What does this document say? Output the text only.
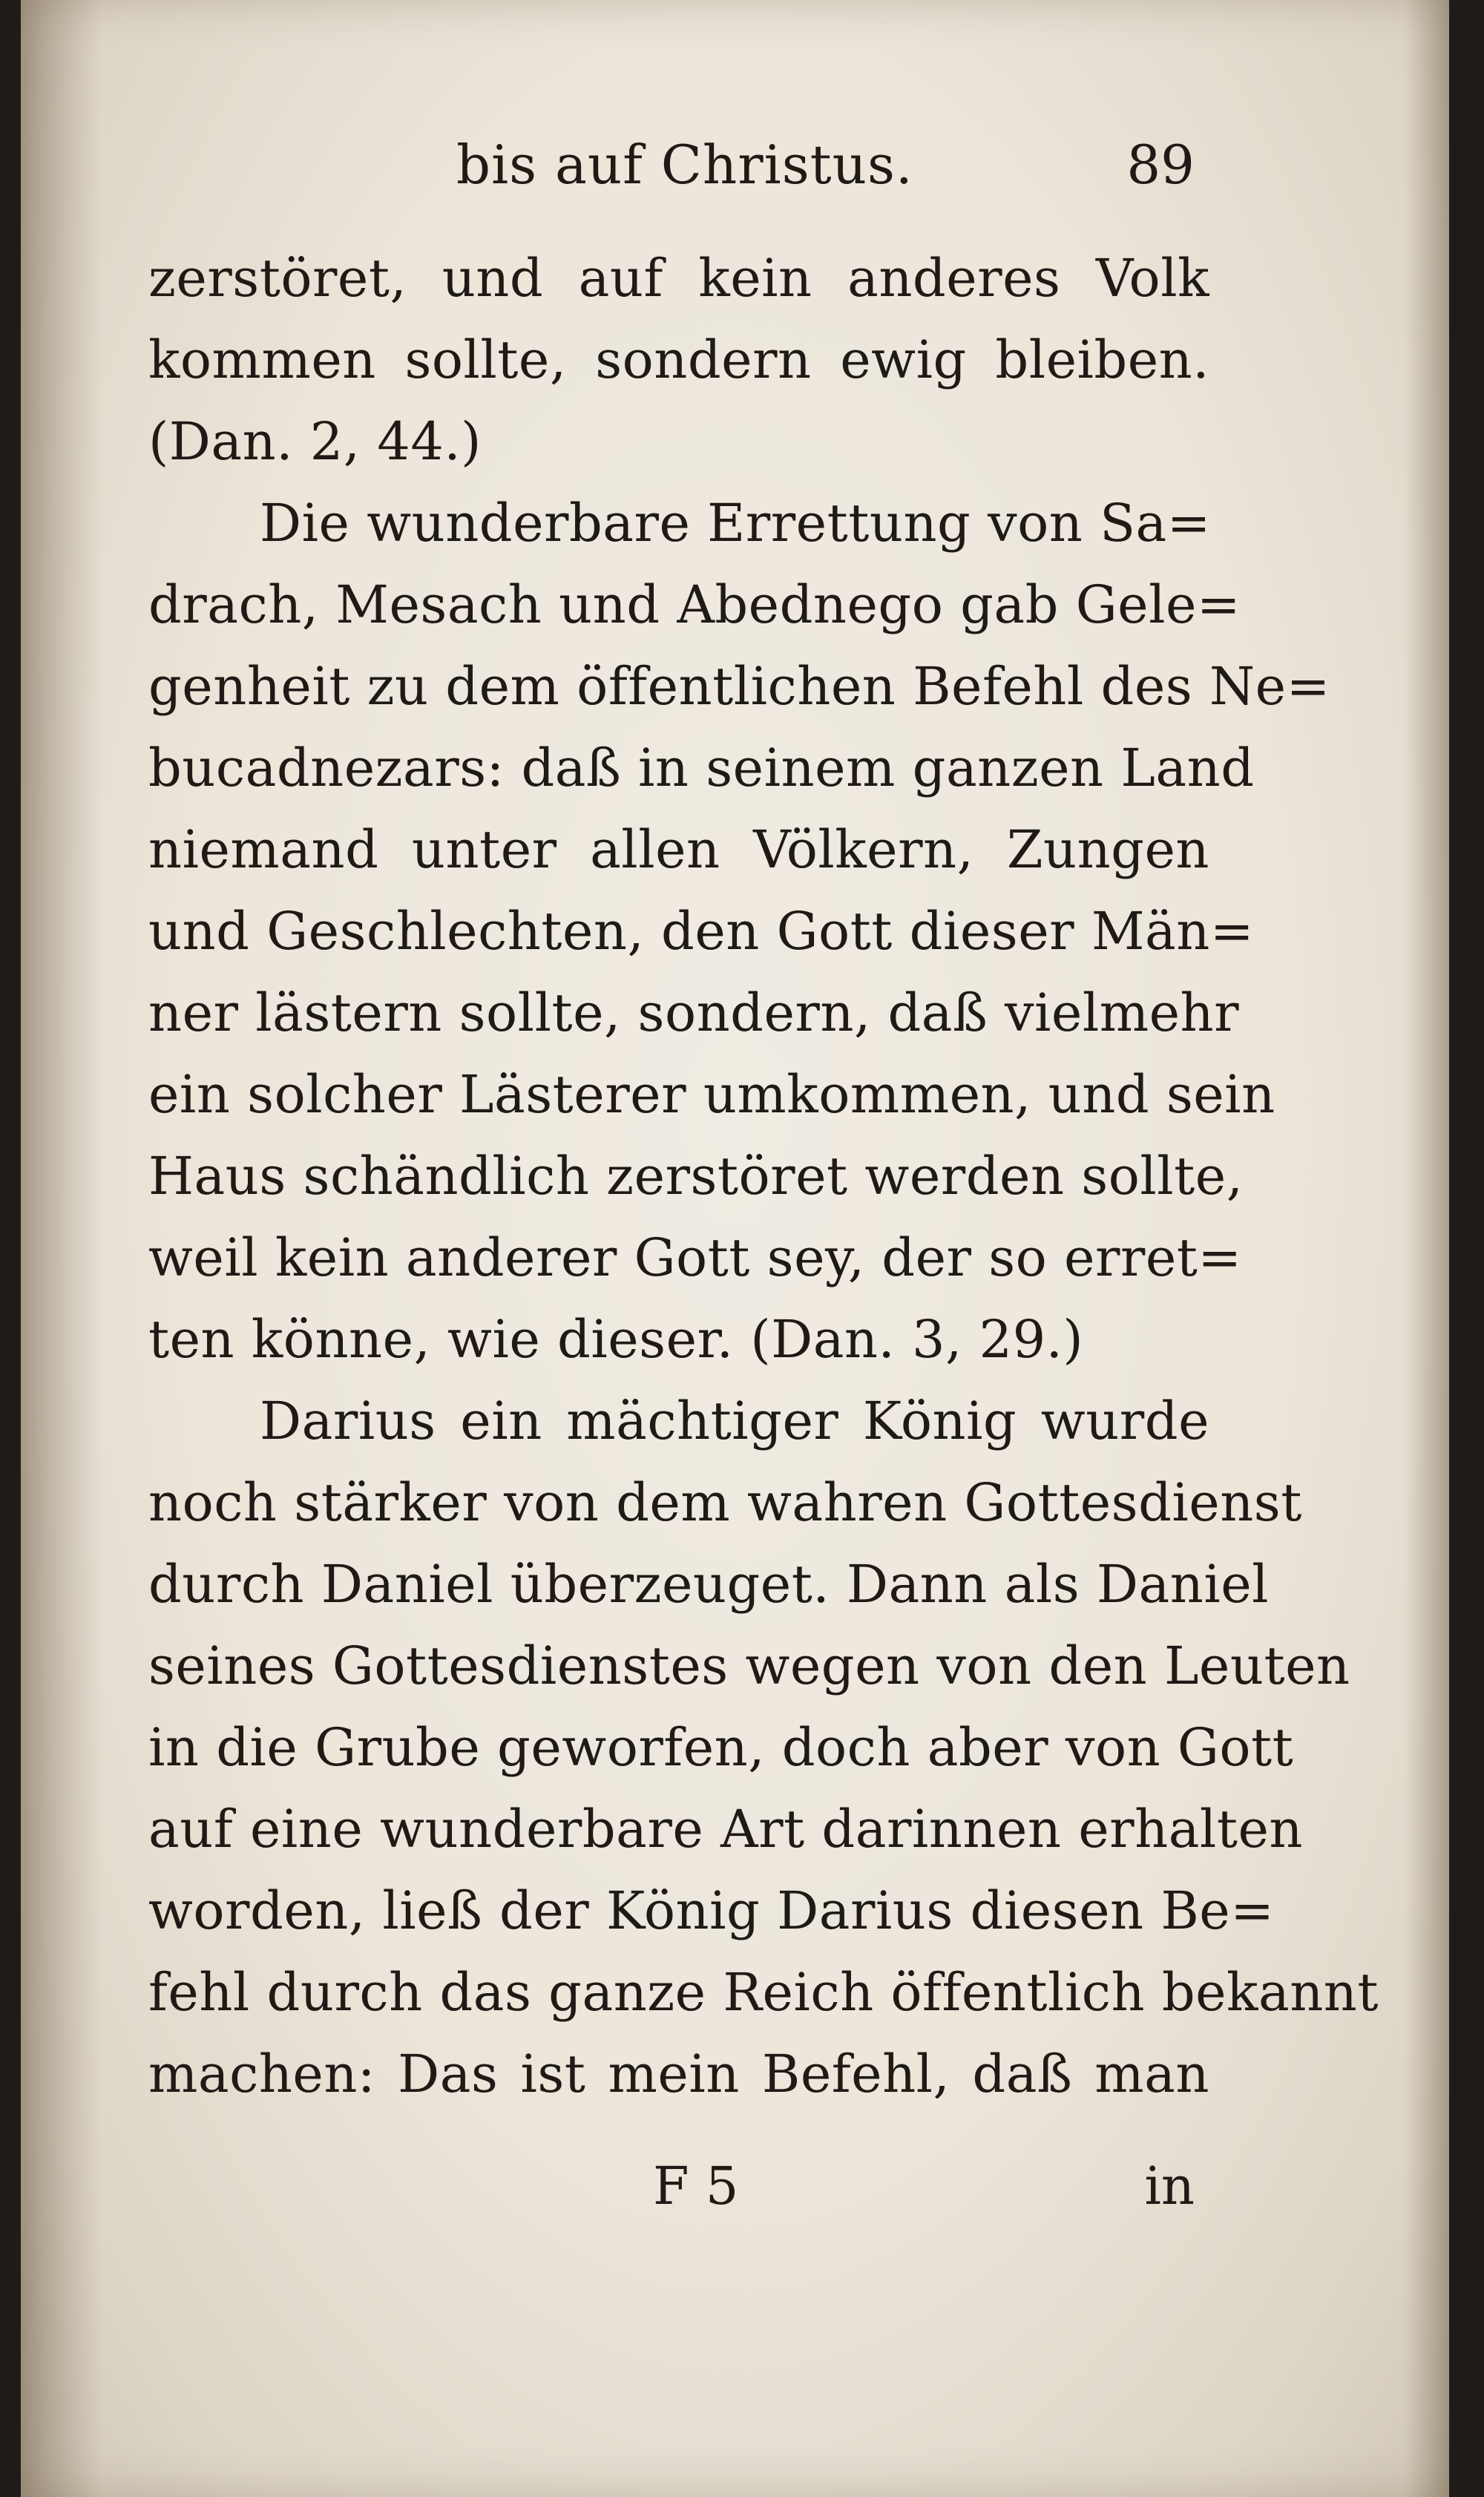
bis auf Christus.	89
zerstöret, und auf kein anderes Volk
kommen sollte, sondern ewig bleiben.
(Dan. 2, 44.)
Die wunderbare Errettung von Sa=
drach, Mesach und Abednego gab Gele=
genheit zu dem öffentlichen Befehl des Ne=
bucadnezars: daß in seinem ganzen Land
niemand unter allen Völkern, Zungen
und Geschlechten, den Gott dieser Män=
ner lästern sollte, sondern, daß vielmehr
ein solcher Lästerer umkommen, und sein
Haus schändlich zerstöret werden sollte,
weil kein anderer Gott sey, der so erret=
ten könne, wie dieser. (Dan. 3, 29.)
Darius ein mächtiger König wurde
noch stärker von dem wahren Gottesdienst
durch Daniel überzeuget. Dann als Daniel
seines Gottesdienstes wegen von den Leuten
in die Grube geworfen, doch aber von Gott
auf eine wunderbare Art darinnen erhalten
worden, ließ der König Darius diesen Be=
fehl durch das ganze Reich öffentlich bekannt
machen: Das ist mein Befehl, daß man
F 5	in
